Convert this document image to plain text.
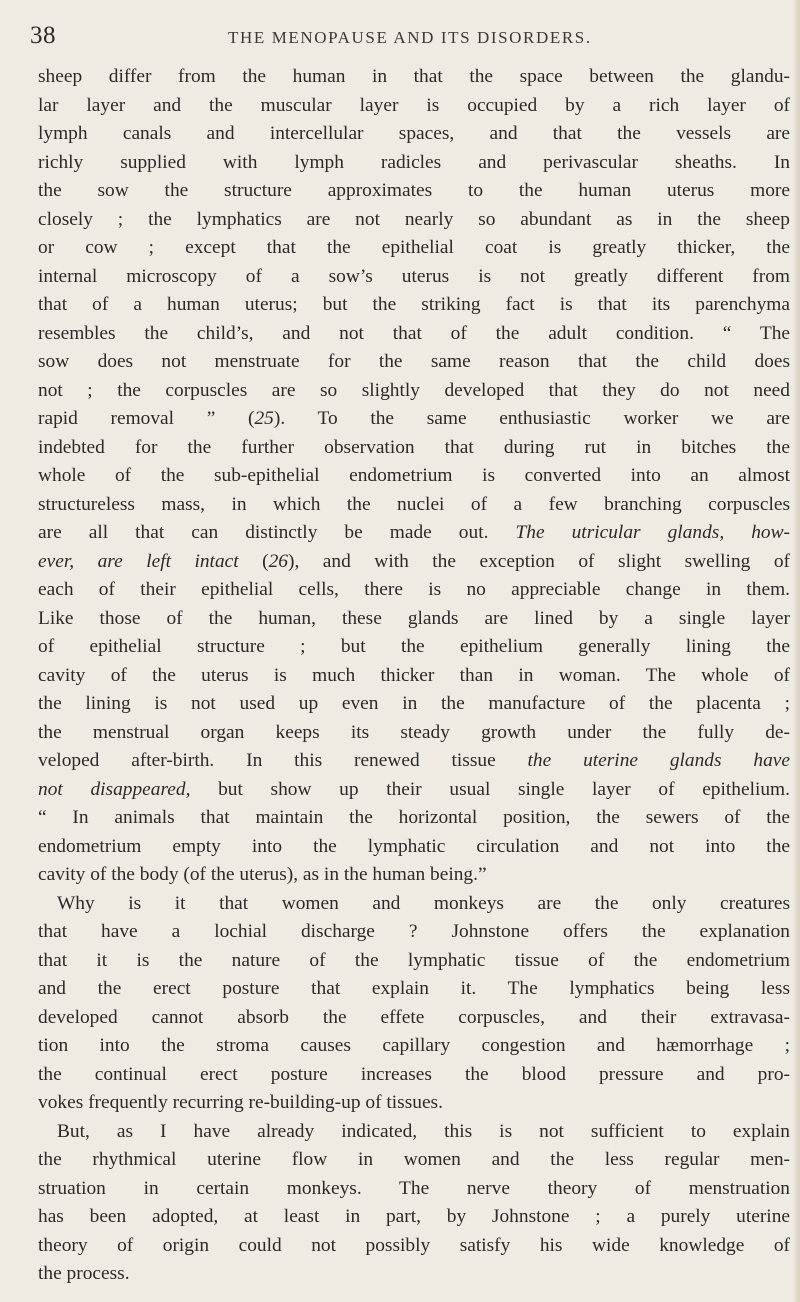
38	THE MENOPAUSE AND ITS DISORDERS.
sheep differ from the human in that the space between the glandu-
lar layer and the muscular layer is occupied by a rich layer of
lymph canals and intercellular spaces, and that the vessels are
richly supplied with lymph radicles and perivascular sheaths. In
the sow the structure approximates to the human uterus more
closely ; the lymphatics are not nearly so abundant as in the sheep
or cow ; except that the epithelial coat is greatly thicker, the
internal microscopy of a sow’s uterus is not greatly different from
that of a human uterus; but the striking fact is that its parenchyma
resembles the child’s, and not that of the adult condition. “ The
sow does not menstruate for the same reason that the child does
not ; the corpuscles are so slightly developed that they do not need
rapid removal ” (25). To the same enthusiastic worker we are
indebted for the further observation that during rut in bitches the
whole of the sub-epithelial endometrium is converted into an almost
structureless mass, in which the nuclei of a few branching corpuscles
are all that can distinctly be made out. The utricular glands, how-
ever, are left intact (26), and with the exception of slight swelling of
each of their epithelial cells, there is no appreciable change in them.
Like those of the human, these glands are lined by a single layer
of epithelial structure ; but the epithelium generally lining the
cavity of the uterus is much thicker than in woman. The whole of
the lining is not used up even in the manufacture of the placenta ;
the menstrual organ keeps its steady growth under the fully de-
veloped after-birth. In this renewed tissue the uterine glands have
not disappeared, but show up their usual single layer of epithelium.
“ In animals that maintain the horizontal position, the sewers of the
endometrium empty into the lymphatic circulation and not into the
cavity of the body (of the uterus), as in the human being.”
Why is it that women and monkeys are the only creatures
that have a lochial discharge ? Johnstone offers the explanation
that it is the nature of the lymphatic tissue of the endometrium
and the erect posture that explain it. The lymphatics being less
developed cannot absorb the effete corpuscles, and their extravasa-
tion into the stroma causes capillary congestion and hæmorrhage ;
the continual erect posture increases the blood pressure and pro-
vokes frequently recurring re-building-up of tissues.
But, as I have already indicated, this is not sufficient to explain
the rhythmical uterine flow in women and the less regular men-
struation in certain monkeys. The nerve theory of menstruation
has been adopted, at least in part, by Johnstone ; a purely uterine
theory of origin could not possibly satisfy his wide knowledge of
the process.
